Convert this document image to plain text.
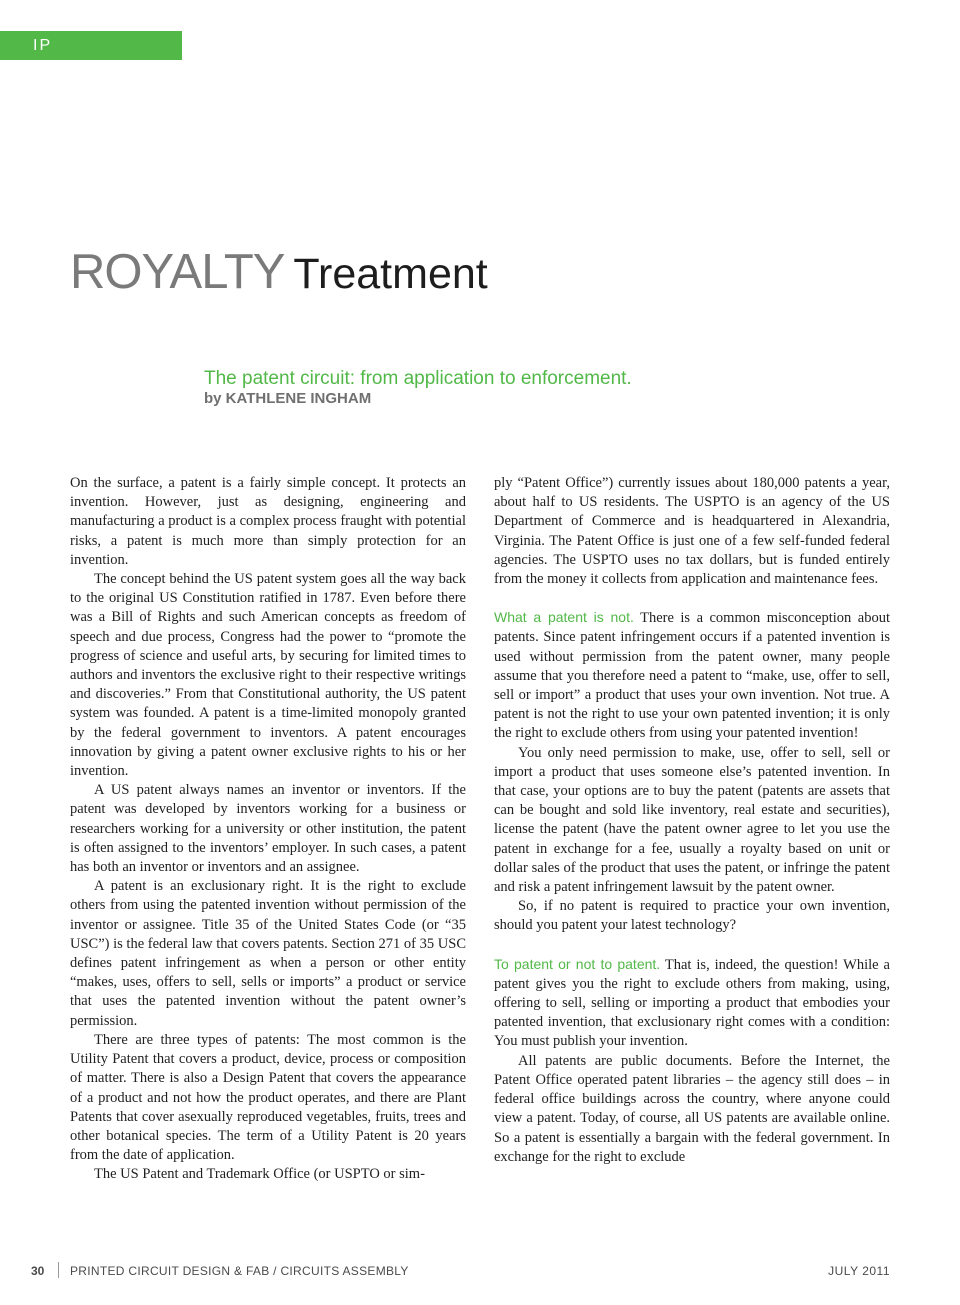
IP PROTECTION
ROYALTY Treatment
The patent circuit: from application to enforcement.
by KATHLENE INGHAM

On the surface, a patent is a fairly simple concept. It protects an invention. However, just as designing, engineering and manufacturing a product is a complex process fraught with potential risks, a patent is much more than simply protection for an invention.

The concept behind the US patent system goes all the way back to the original US Constitution ratified in 1787. Even before there was a Bill of Rights and such American concepts as freedom of speech and due process, Congress had the power to “promote the progress of science and useful arts, by securing for limited times to authors and inventors the exclusive right to their respective writings and discoveries.” From that Constitutional authority, the US patent system was founded. A patent is a time-limited monopoly granted by the federal government to inventors. A patent encourages innovation by giving a patent owner exclusive rights to his or her invention.

A US patent always names an inventor or inventors. If the patent was developed by inventors working for a business or researchers working for a university or other institution, the patent is often assigned to the inventors’ employer. In such cases, a patent has both an inventor or inventors and an assignee.

A patent is an exclusionary right. It is the right to exclude others from using the patented invention without permission of the inventor or assignee. Title 35 of the United States Code (or “35 USC”) is the federal law that covers patents. Section 271 of 35 USC defines patent infringement as when a person or other entity “makes, uses, offers to sell, sells or imports” a product or service that uses the patented invention without the patent owner’s permission.

There are three types of patents: The most common is the Utility Patent that covers a product, device, process or composition of matter. There is also a Design Patent that covers the appearance of a product and not how the product operates, and there are Plant Patents that cover asexually reproduced vegetables, fruits, trees and other botanical species. The term of a Utility Patent is 20 years from the date of application.

The US Patent and Trademark Office (or USPTO or sim-

ply “Patent Office”) currently issues about 180,000 patents a year, about half to US residents. The USPTO is an agency of the US Department of Commerce and is headquartered in Alexandria, Virginia. The Patent Office is just one of a few self-funded federal agencies. The USPTO uses no tax dollars, but is funded entirely from the money it collects from application and maintenance fees.

What a patent is not. There is a common misconception about patents. Since patent infringement occurs if a patented invention is used without permission from the patent owner, many people assume that you therefore need a patent to “make, use, offer to sell, sell or import” a product that uses your own invention. Not true. A patent is not the right to use your own patented invention; it is only the right to exclude others from using your patented invention!

You only need permission to make, use, offer to sell, sell or import a product that uses someone else’s patented invention. In that case, your options are to buy the patent (patents are assets that can be bought and sold like inventory, real estate and securities), license the patent (have the patent owner agree to let you use the patent in exchange for a fee, usually a royalty based on unit or dollar sales of the product that uses the patent, or infringe the patent and risk a patent infringement lawsuit by the patent owner.

So, if no patent is required to practice your own invention, should you patent your latest technology?

To patent or not to patent. That is, indeed, the question! While a patent gives you the right to exclude others from making, using, offering to sell, selling or importing a product that embodies your patented invention, that exclusionary right comes with a condition: You must publish your invention.

All patents are public documents. Before the Internet, the Patent Office operated patent libraries – the agency still does – in federal office buildings across the country, where anyone could view a patent. Today, of course, all US patents are available online. So a patent is essentially a bargain with the federal government. In exchange for the right to exclude

30 PRINTED CIRCUIT DESIGN & FAB / CIRCUITS ASSEMBLY	JULY 2011
